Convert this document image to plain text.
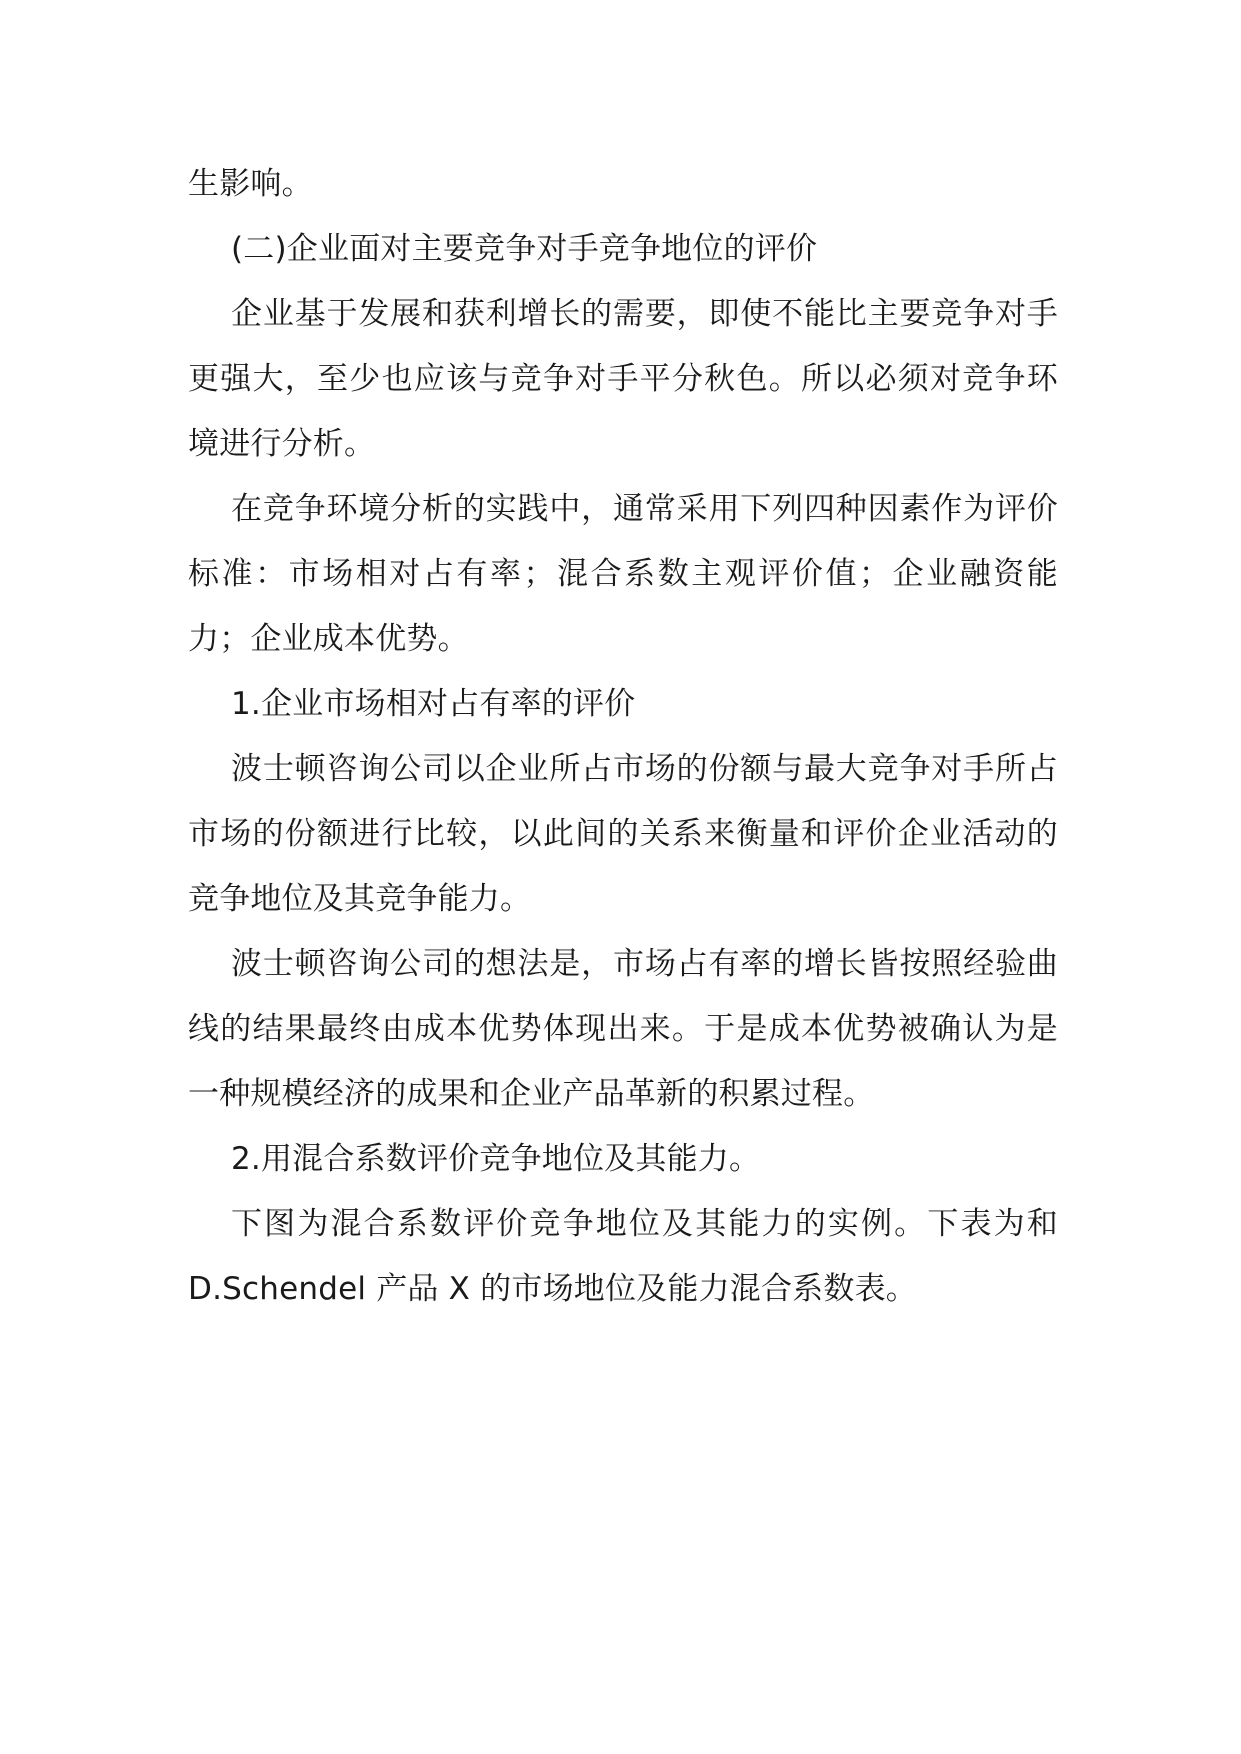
生影响。

(二)企业面对主要竞争对手竞争地位的评价

企业基于发展和获利增长的需要，即使不能比主要竞争对手更强大，至少也应该与竞争对手平分秋色。所以必须对竞争环境进行分析。

在竞争环境分析的实践中，通常采用下列四种因素作为评价标准：市场相对占有率；混合系数主观评价值；企业融资能力；企业成本优势。

1.企业市场相对占有率的评价

波士顿咨询公司以企业所占市场的份额与最大竞争对手所占市场的份额进行比较，以此间的关系来衡量和评价企业活动的竞争地位及其竞争能力。

波士顿咨询公司的想法是，市场占有率的增长皆按照经验曲线的结果最终由成本优势体现出来。于是成本优势被确认为是一种规模经济的成果和企业产品革新的积累过程。

2.用混合系数评价竞争地位及其能力。

下图为混合系数评价竞争地位及其能力的实例。下表为和D.Schendel 产品 X 的市场地位及能力混合系数表。
